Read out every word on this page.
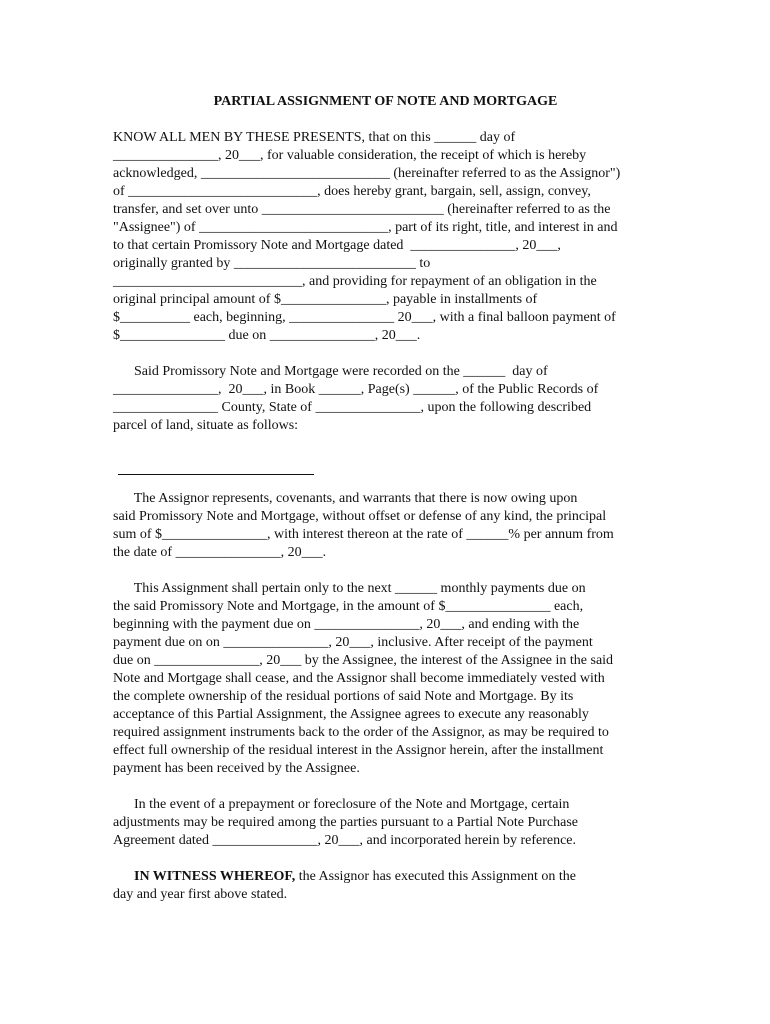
PARTIAL ASSIGNMENT OF NOTE AND MORTGAGE
KNOW ALL MEN BY THESE PRESENTS, that on this ______ day of
_______________, 20___, for valuable consideration, the receipt of which is hereby
acknowledged, ___________________________ (hereinafter referred to as the Assignor")
of ___________________________, does hereby grant, bargain, sell, assign, convey,
transfer, and set over unto __________________________ (hereinafter referred to as the
"Assignee") of ___________________________, part of its right, title, and interest in and
to that certain Promissory Note and Mortgage dated  _______________, 20___,
originally granted by __________________________ to
___________________________, and providing for repayment of an obligation in the
original principal amount of $_______________, payable in installments of
$__________ each, beginning, _______________ 20___, with a final balloon payment of
$_______________ due on _______________, 20___.
Said Promissory Note and Mortgage were recorded on the ______  day of
_______________,  20___, in Book ______, Page(s) ______, of the Public Records of
_______________ County, State of _______________, upon the following described
parcel of land, situate as follows:
The Assignor represents, covenants, and warrants that there is now owing upon
said Promissory Note and Mortgage, without offset or defense of any kind, the principal
sum of $_______________, with interest thereon at the rate of ______% per annum from
the date of _______________, 20___.
This Assignment shall pertain only to the next ______ monthly payments due on
the said Promissory Note and Mortgage, in the amount of $_______________ each,
beginning with the payment due on _______________, 20___, and ending with the
payment due on on _______________, 20___, inclusive. After receipt of the payment
due on _______________, 20___ by the Assignee, the interest of the Assignee in the said
Note and Mortgage shall cease, and the Assignor shall become immediately vested with
the complete ownership of the residual portions of said Note and Mortgage. By its
acceptance of this Partial Assignment, the Assignee agrees to execute any reasonably
required assignment instruments back to the order of the Assignor, as may be required to
effect full ownership of the residual interest in the Assignor herein, after the installment
payment has been received by the Assignee.
In the event of a prepayment or foreclosure of the Note and Mortgage, certain
adjustments may be required among the parties pursuant to a Partial Note Purchase
Agreement dated _______________, 20___, and incorporated herein by reference.
IN WITNESS WHEREOF, the Assignor has executed this Assignment on the
day and year first above stated.
